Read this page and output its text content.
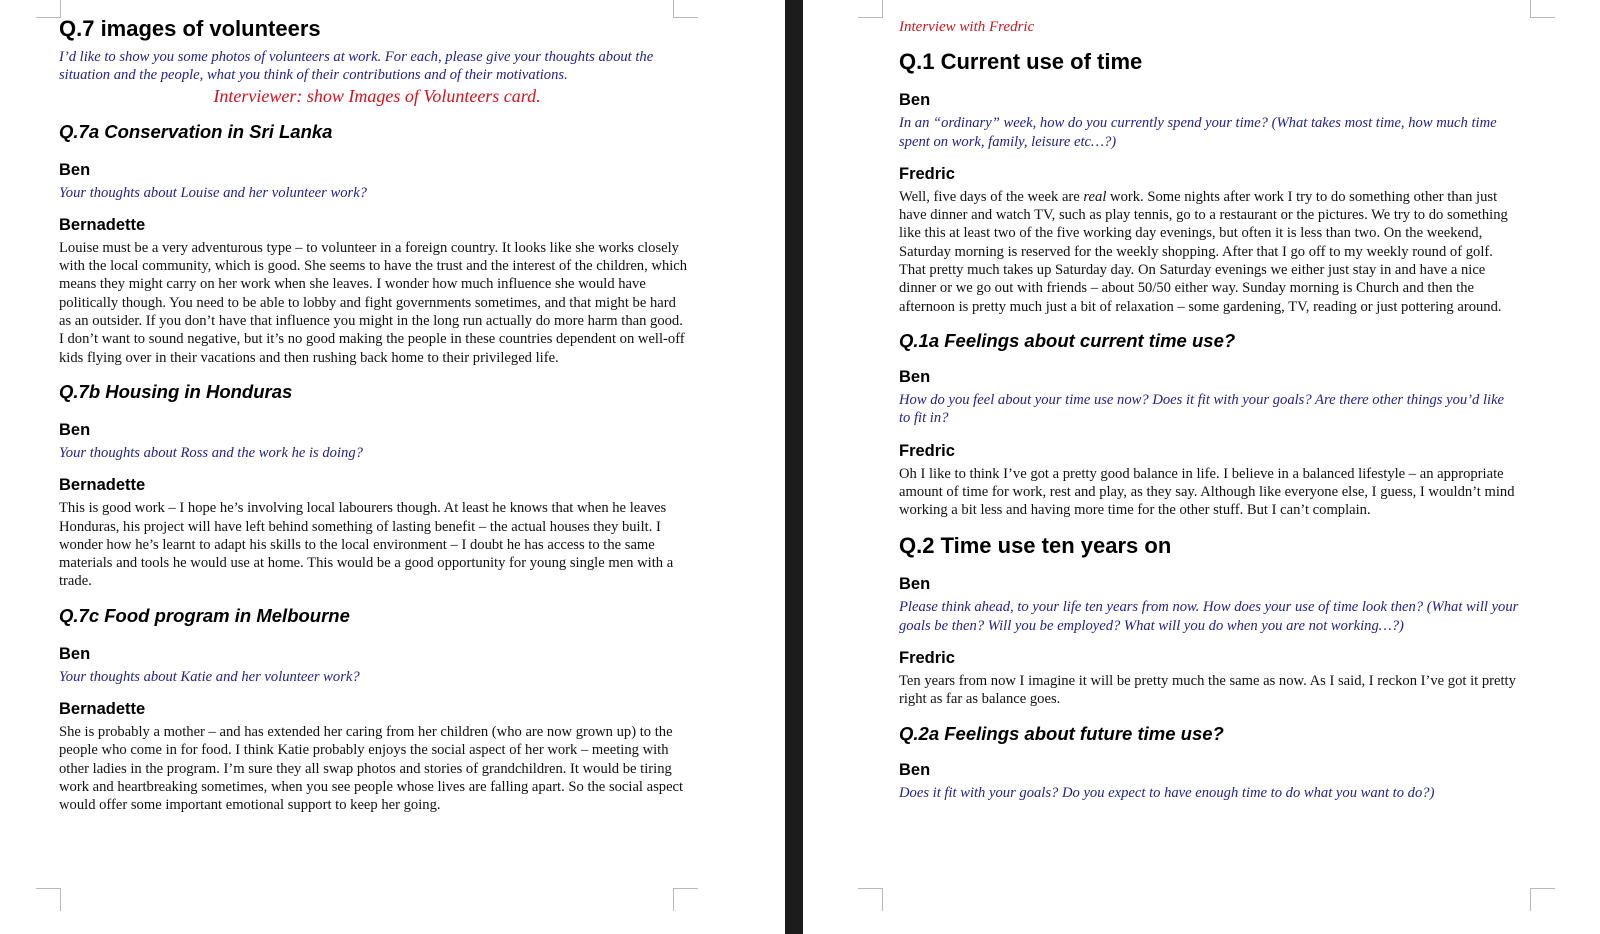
Q.7 images of volunteers

I’d like to show you some photos of volunteers at work. For each, please give your thoughts about the situation and the people, what you think of their contributions and of their motivations.

Interviewer: show Images of Volunteers card.

Q.7a Conservation in Sri Lanka
Ben

Your thoughts about Louise and her volunteer work?

Bernadette

Louise must be a very adventurous type – to volunteer in a foreign country. It looks like she works closely with the local community, which is good. She seems to have the trust and the interest of the children, which means they might carry on her work when she leaves. I wonder how much influence she would have politically though. You need to be able to lobby and fight governments sometimes, and that might be hard as an outsider. If you don’t have that influence you might in the long run actually do more harm than good. I don’t want to sound negative, but it’s no good making the people in these countries dependent on well-off kids flying over in their vacations and then rushing back home to their privileged life.

Q.7b Housing in Honduras
Ben

Your thoughts about Ross and the work he is doing?

Bernadette

This is good work – I hope he’s involving local labourers though. At least he knows that when he leaves Honduras, his project will have left behind something of lasting benefit – the actual houses they built. I wonder how he’s learnt to adapt his skills to the local environment – I doubt he has access to the same materials and tools he would use at home. This would be a good opportunity for young single men with a trade.

Q.7c Food program in Melbourne
Ben

Your thoughts about Katie and her volunteer work?

Bernadette

She is probably a mother – and has extended her caring from her children (who are now grown up) to the people who come in for food. I think Katie probably enjoys the social aspect of her work – meeting with other ladies in the program. I’m sure they all swap photos and stories of grandchildren. It would be tiring work and heartbreaking sometimes, when you see people whose lives are falling apart. So the social aspect would offer some important emotional support to keep her going.

Interview with Fredric

Q.1 Current use of time
Ben

In an “ordinary” week, how do you currently spend your time? (What takes most time, how much time spent on work, family, leisure etc…?)

Fredric

Well, five days of the week are real work. Some nights after work I try to do something other than just have dinner and watch TV, such as play tennis, go to a restaurant or the pictures. We try to do something like this at least two of the five working day evenings, but often it is less than two. On the weekend, Saturday morning is reserved for the weekly shopping. After that I go off to my weekly round of golf. That pretty much takes up Saturday day. On Saturday evenings we either just stay in and have a nice dinner or we go out with friends – about 50/50 either way. Sunday morning is Church and then the afternoon is pretty much just a bit of relaxation – some gardening, TV, reading or just pottering around.

Q.1a Feelings about current time use?
Ben

How do you feel about your time use now? Does it fit with your goals? Are there other things you’d like to fit in?

Fredric

Oh I like to think I’ve got a pretty good balance in life. I believe in a balanced lifestyle – an appropriate amount of time for work, rest and play, as they say. Although like everyone else, I guess, I wouldn’t mind working a bit less and having more time for the other stuff. But I can’t complain.

Q.2 Time use ten years on
Ben

Please think ahead, to your life ten years from now. How does your use of time look then? (What will your goals be then? Will you be employed? What will you do when you are not working…?)

Fredric

Ten years from now I imagine it will be pretty much the same as now. As I said, I reckon I’ve got it pretty right as far as balance goes.

Q.2a Feelings about future time use?
Ben

Does it fit with your goals? Do you expect to have enough time to do what you want to do?)
